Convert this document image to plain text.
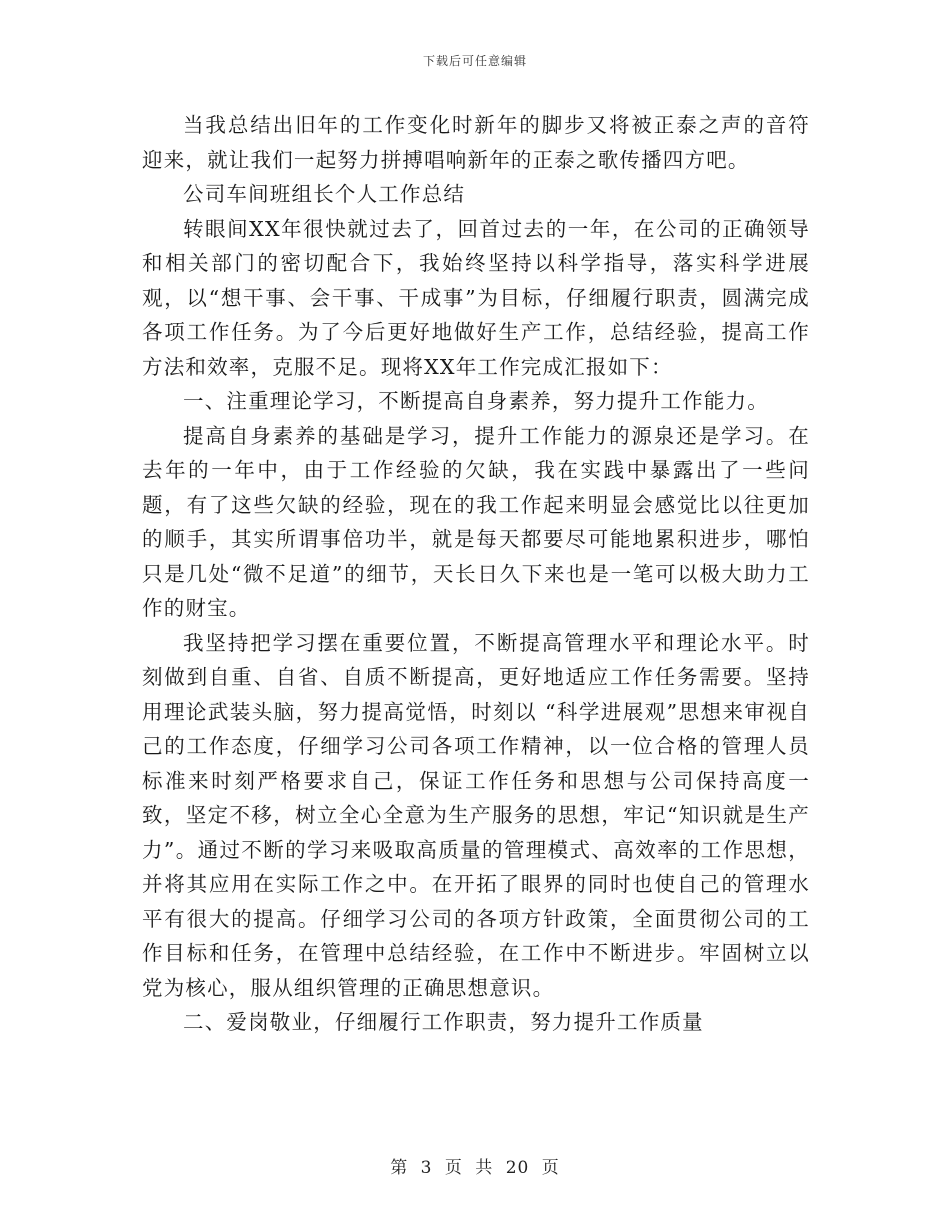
下载后可任意编辑

当我总结出旧年的工作变化时新年的脚步又将被正泰之声的音符迎来，就让我们一起努力拼搏唱响新年的正泰之歌传播四方吧。

公司车间班组长个人工作总结

转眼间XX年很快就过去了，回首过去的一年，在公司的正确领导和相关部门的密切配合下，我始终坚持以科学指导，落实科学进展观，以“想干事、会干事、干成事”为目标，仔细履行职责，圆满完成各项工作任务。为了今后更好地做好生产工作，总结经验，提高工作方法和效率，克服不足。现将XX年工作完成汇报如下：

一、注重理论学习，不断提高自身素养，努力提升工作能力。

提高自身素养的基础是学习，提升工作能力的源泉还是学习。在去年的一年中，由于工作经验的欠缺，我在实践中暴露出了一些问题，有了这些欠缺的经验，现在的我工作起来明显会感觉比以往更加的顺手，其实所谓事倍功半，就是每天都要尽可能地累积进步，哪怕只是几处“微不足道”的细节，天长日久下来也是一笔可以极大助力工作的财宝。

我坚持把学习摆在重要位置，不断提高管理水平和理论水平。时刻做到自重、自省、自质不断提高，更好地适应工作任务需要。坚持用理论武装头脑，努力提高觉悟，时刻以 “科学进展观”思想来审视自己的工作态度，仔细学习公司各项工作精神，以一位合格的管理人员标准来时刻严格要求自己，保证工作任务和思想与公司保持高度一致，坚定不移，树立全心全意为生产服务的思想，牢记“知识就是生产力”。通过不断的学习来吸取高质量的管理模式、高效率的工作思想，并将其应用在实际工作之中。在开拓了眼界的同时也使自己的管理水平有很大的提高。仔细学习公司的各项方针政策，全面贯彻公司的工作目标和任务，在管理中总结经验，在工作中不断进步。牢固树立以党为核心，服从组织管理的正确思想意识。

二、爱岗敬业，仔细履行工作职责，努力提升工作质量

第 3 页 共 20 页
